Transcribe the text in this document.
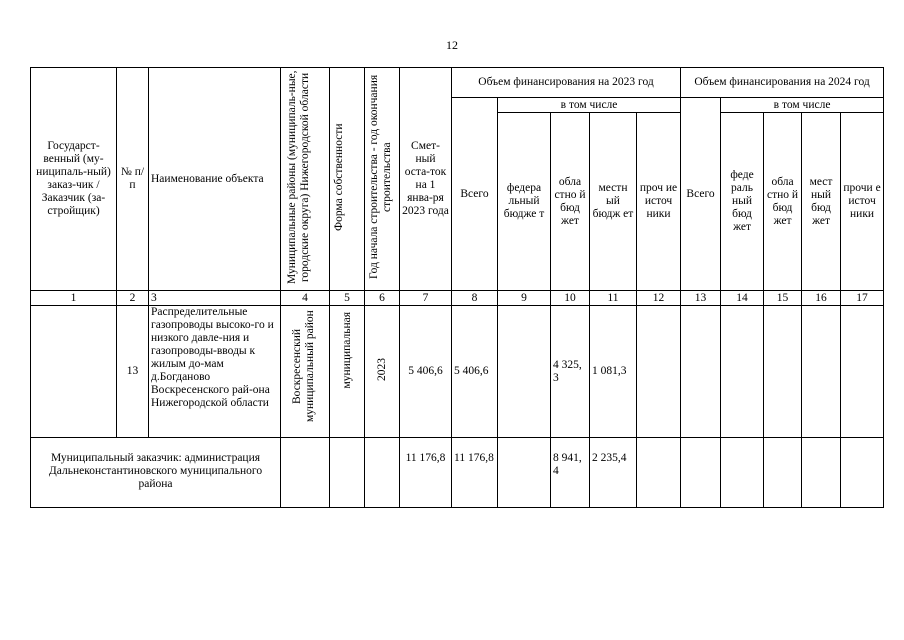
12
Государст-венный (му-ниципаль-ный) заказ-чик / Заказчик (за-стройщик)	№ п/п	Наименование объекта	Муниципальные районы (муниципаль-ные, городские округа) Нижегородской области	Форма собственности	Год начала строительства - год окончания строительства	Смет-ный оста-ток на 1 янва-ря 2023 года	Объем финансирования на 2023 год					Объем финансирования на 2024 год				
							Всего	в том числе				Всего	в том числе			
								федера льный бюдже т	обла стно й бюд жет	местн ый бюдж ет	проч ие источ ники		феде раль ный бюд жет	обла стно й бюд жет	мест ный бюд жет	прочи е источ ники
1	2	3	4	5	6	7	8	9	10	11	12	13	14	15	16	17
	13	Распределительные газопроводы высоко-го и низкого давле-ния и газопроводы-вводы к жилым до-мам д.Богданово Воскресенского рай-она Нижегородской области	Воскресенский муниципальный район	муниципальная	2023	5 406,6	5 406,6		4 325, 3	1 081,3						
Муниципальный заказчик: администрация Дальнеконстантиновского муниципального района						11 176,8	11 176,8		8 941, 4	2 235,4						
